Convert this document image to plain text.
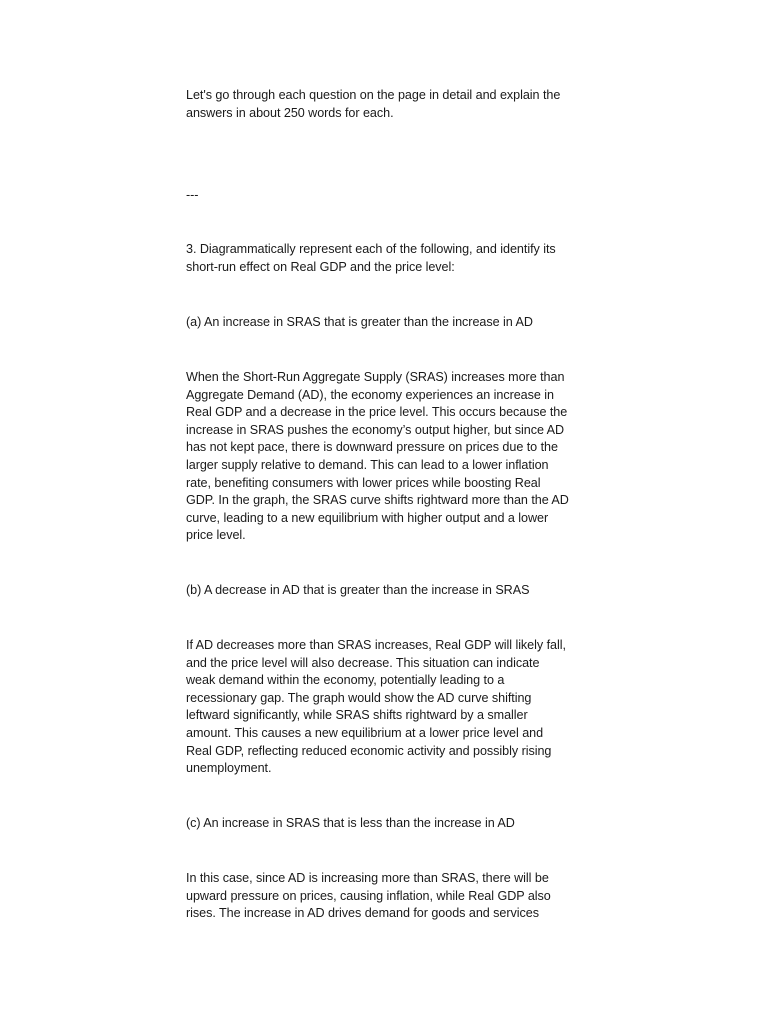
Let's go through each question on the page in detail and explain the
answers in about 250 words for each.

---

3. Diagrammatically represent each of the following, and identify its
short-run effect on Real GDP and the price level:

(a) An increase in SRAS that is greater than the increase in AD

When the Short-Run Aggregate Supply (SRAS) increases more than
Aggregate Demand (AD), the economy experiences an increase in
Real GDP and a decrease in the price level. This occurs because the
increase in SRAS pushes the economy’s output higher, but since AD
has not kept pace, there is downward pressure on prices due to the
larger supply relative to demand. This can lead to a lower inflation
rate, benefiting consumers with lower prices while boosting Real
GDP. In the graph, the SRAS curve shifts rightward more than the AD
curve, leading to a new equilibrium with higher output and a lower
price level.

(b) A decrease in AD that is greater than the increase in SRAS

If AD decreases more than SRAS increases, Real GDP will likely fall,
and the price level will also decrease. This situation can indicate
weak demand within the economy, potentially leading to a
recessionary gap. The graph would show the AD curve shifting
leftward significantly, while SRAS shifts rightward by a smaller
amount. This causes a new equilibrium at a lower price level and
Real GDP, reflecting reduced economic activity and possibly rising
unemployment.

(c) An increase in SRAS that is less than the increase in AD

In this case, since AD is increasing more than SRAS, there will be
upward pressure on prices, causing inflation, while Real GDP also
rises. The increase in AD drives demand for goods and services
